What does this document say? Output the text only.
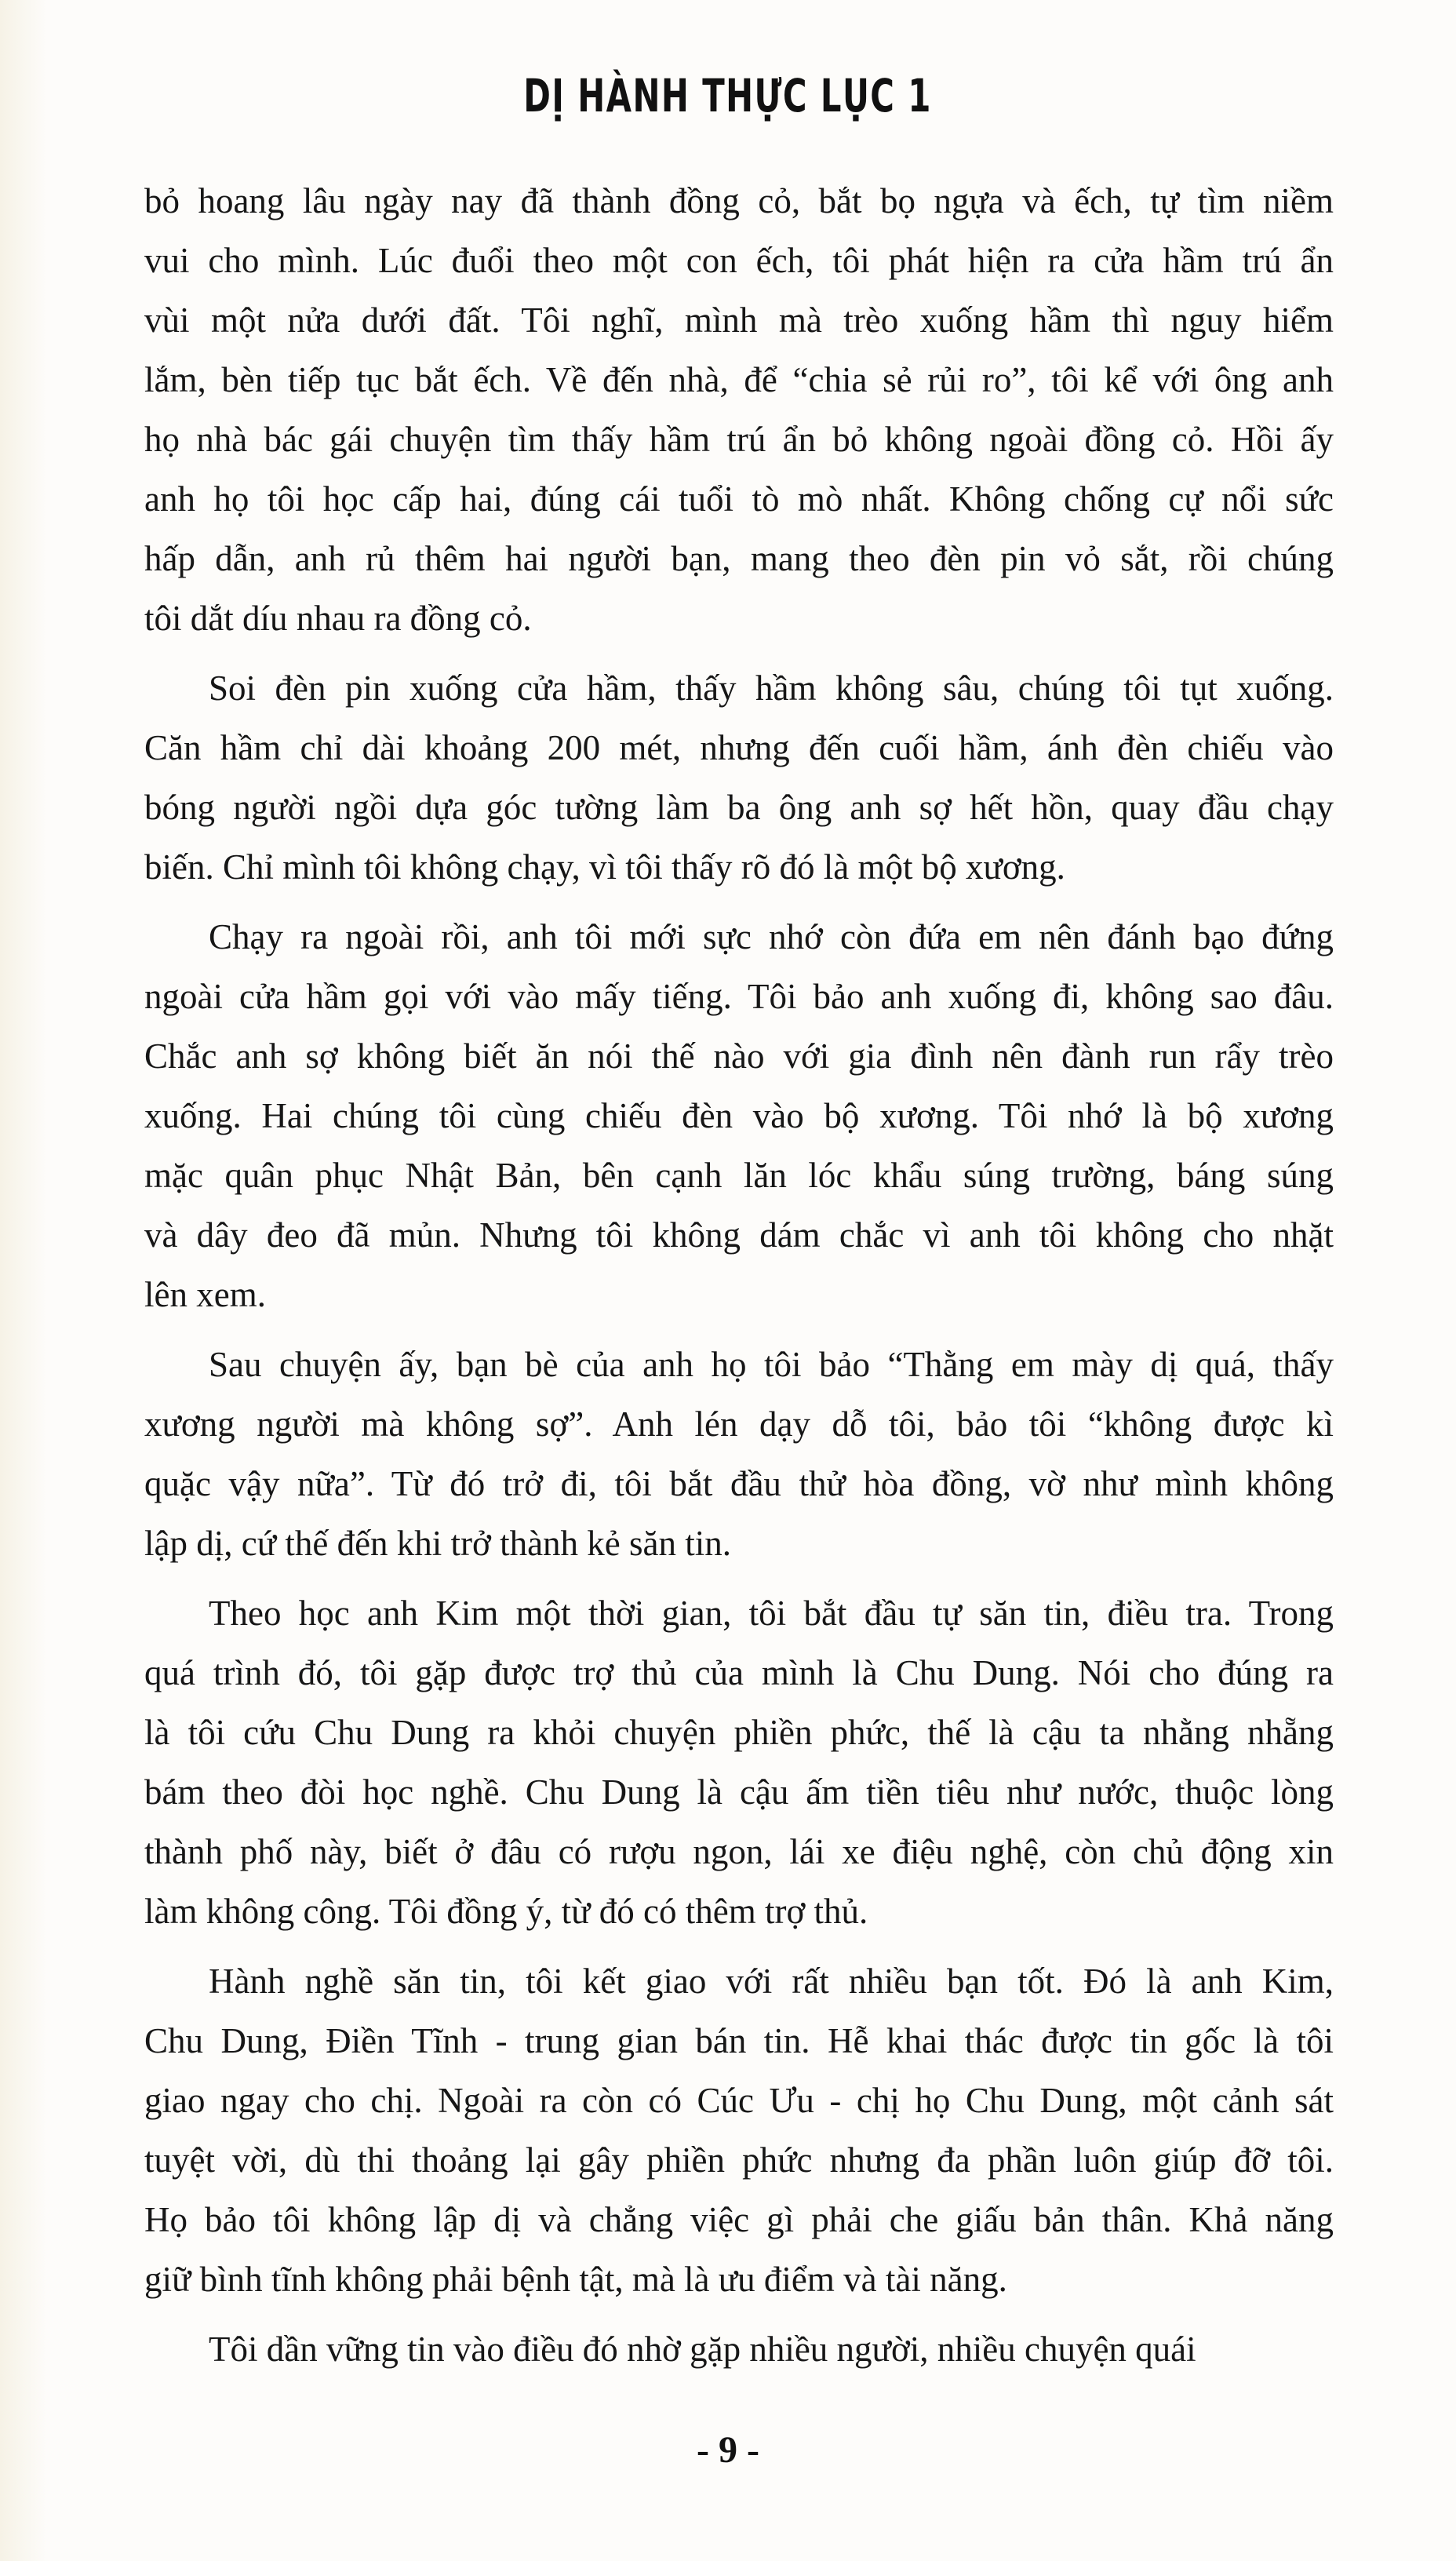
DỊ HÀNH THỰC LỤC 1
bỏ hoang lâu ngày nay đã thành đồng cỏ, bắt bọ ngựa và ếch, tự tìm niềm
vui cho mình. Lúc đuổi theo một con ếch, tôi phát hiện ra cửa hầm trú ẩn
vùi một nửa dưới đất. Tôi nghĩ, mình mà trèo xuống hầm thì nguy hiểm
lắm, bèn tiếp tục bắt ếch. Về đến nhà, để “chia sẻ rủi ro”, tôi kể với ông anh
họ nhà bác gái chuyện tìm thấy hầm trú ẩn bỏ không ngoài đồng cỏ. Hồi ấy
anh họ tôi học cấp hai, đúng cái tuổi tò mò nhất. Không chống cự nổi sức
hấp dẫn, anh rủ thêm hai người bạn, mang theo đèn pin vỏ sắt, rồi chúng
tôi dắt díu nhau ra đồng cỏ.
Soi đèn pin xuống cửa hầm, thấy hầm không sâu, chúng tôi tụt xuống.
Căn hầm chỉ dài khoảng 200 mét, nhưng đến cuối hầm, ánh đèn chiếu vào
bóng người ngồi dựa góc tường làm ba ông anh sợ hết hồn, quay đầu chạy
biến. Chỉ mình tôi không chạy, vì tôi thấy rõ đó là một bộ xương.
Chạy ra ngoài rồi, anh tôi mới sực nhớ còn đứa em nên đánh bạo đứng
ngoài cửa hầm gọi với vào mấy tiếng. Tôi bảo anh xuống đi, không sao đâu.
Chắc anh sợ không biết ăn nói thế nào với gia đình nên đành run rẩy trèo
xuống. Hai chúng tôi cùng chiếu đèn vào bộ xương. Tôi nhớ là bộ xương
mặc quân phục Nhật Bản, bên cạnh lăn lóc khẩu súng trường, báng súng
và dây đeo đã mủn. Nhưng tôi không dám chắc vì anh tôi không cho nhặt
lên xem.
Sau chuyện ấy, bạn bè của anh họ tôi bảo “Thằng em mày dị quá, thấy
xương người mà không sợ”. Anh lén dạy dỗ tôi, bảo tôi “không được kì
quặc vậy nữa”. Từ đó trở đi, tôi bắt đầu thử hòa đồng, vờ như mình không
lập dị, cứ thế đến khi trở thành kẻ săn tin.
Theo học anh Kim một thời gian, tôi bắt đầu tự săn tin, điều tra. Trong
quá trình đó, tôi gặp được trợ thủ của mình là Chu Dung. Nói cho đúng ra
là tôi cứu Chu Dung ra khỏi chuyện phiền phức, thế là cậu ta nhằng nhẵng
bám theo đòi học nghề. Chu Dung là cậu ấm tiền tiêu như nước, thuộc lòng
thành phố này, biết ở đâu có rượu ngon, lái xe điệu nghệ, còn chủ động xin
làm không công. Tôi đồng ý, từ đó có thêm trợ thủ.
Hành nghề săn tin, tôi kết giao với rất nhiều bạn tốt. Đó là anh Kim,
Chu Dung, Điền Tĩnh - trung gian bán tin. Hễ khai thác được tin gốc là tôi
giao ngay cho chị. Ngoài ra còn có Cúc Ưu - chị họ Chu Dung, một cảnh sát
tuyệt vời, dù thi thoảng lại gây phiền phức nhưng đa phần luôn giúp đỡ tôi.
Họ bảo tôi không lập dị và chẳng việc gì phải che giấu bản thân. Khả năng
giữ bình tĩnh không phải bệnh tật, mà là ưu điểm và tài năng.
Tôi dần vững tin vào điều đó nhờ gặp nhiều người, nhiều chuyện quái
- 9 -
